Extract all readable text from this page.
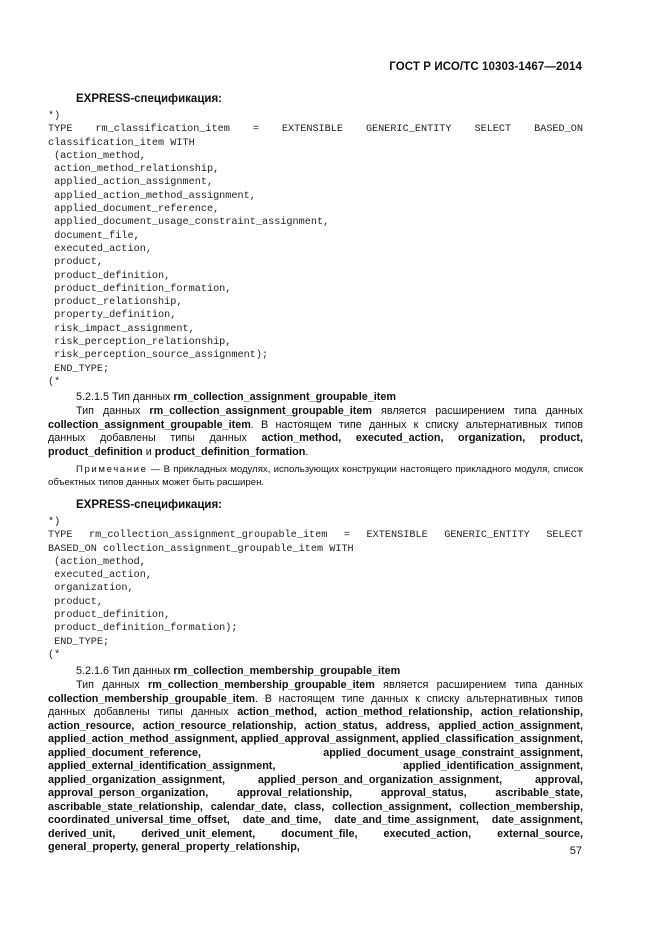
ГОСТ Р ИСО/ТС 10303-1467—2014
EXPRESS-спецификация:
*)
TYPE rm_classification_item = EXTENSIBLE GENERIC_ENTITY SELECT BASED_ON
classification_item WITH
(action_method,
action_method_relationship,
applied_action_assignment,
applied_action_method_assignment,
applied_document_reference,
applied_document_usage_constraint_assignment,
document_file,
executed_action,
product,
product_definition,
product_definition_formation,
product_relationship,
property_definition,
risk_impact_assignment,
risk_perception_relationship,
risk_perception_source_assignment);
END_TYPE;
(*
5.2.1.5 Тип данных rm_collection_assignment_groupable_item
Тип данных rm_collection_assignment_groupable_item является расширением типа данных collection_assignment_groupable_item. В настоящем типе данных к списку альтернативных типов данных добавлены типы данных action_method, executed_action, organization, product, product_definition и product_definition_formation.
Примечание — В прикладных модулях, использующих конструкции настоящего прикладного модуля, список объектных типов данных может быть расширен.
EXPRESS-спецификация:
*)
TYPE rm_collection_assignment_groupable_item = EXTENSIBLE GENERIC_ENTITY SELECT
BASED_ON collection_assignment_groupable_item WITH
(action_method,
executed_action,
organization,
product,
product_definition,
product_definition_formation);
END_TYPE;
(*
5.2.1.6 Тип данных rm_collection_membership_groupable_item
Тип данных rm_collection_membership_groupable_item является расширением типа данных collection_membership_groupable_item. В настоящем типе данных к списку альтернативных типов данных добавлены типы данных action_method, action_method_relationship, action_relationship, action_resource, action_resource_relationship, action_status, address, applied_action_assignment, applied_action_method_assignment, applied_approval_assignment, applied_classification_assignment, applied_document_reference, applied_document_usage_constraint_assignment, applied_external_identification_assignment, applied_identification_assignment, applied_organization_assignment, applied_person_and_organization_assignment, approval, approval_person_organization, approval_relationship, approval_status, ascribable_state, ascribable_state_relationship, calendar_date, class, collection_assignment, collection_membership, coordinated_universal_time_offset, date_and_time, date_and_time_assignment, date_assignment, derived_unit, derived_unit_element, document_file, executed_action, external_source, general_property, general_property_relationship,	57
